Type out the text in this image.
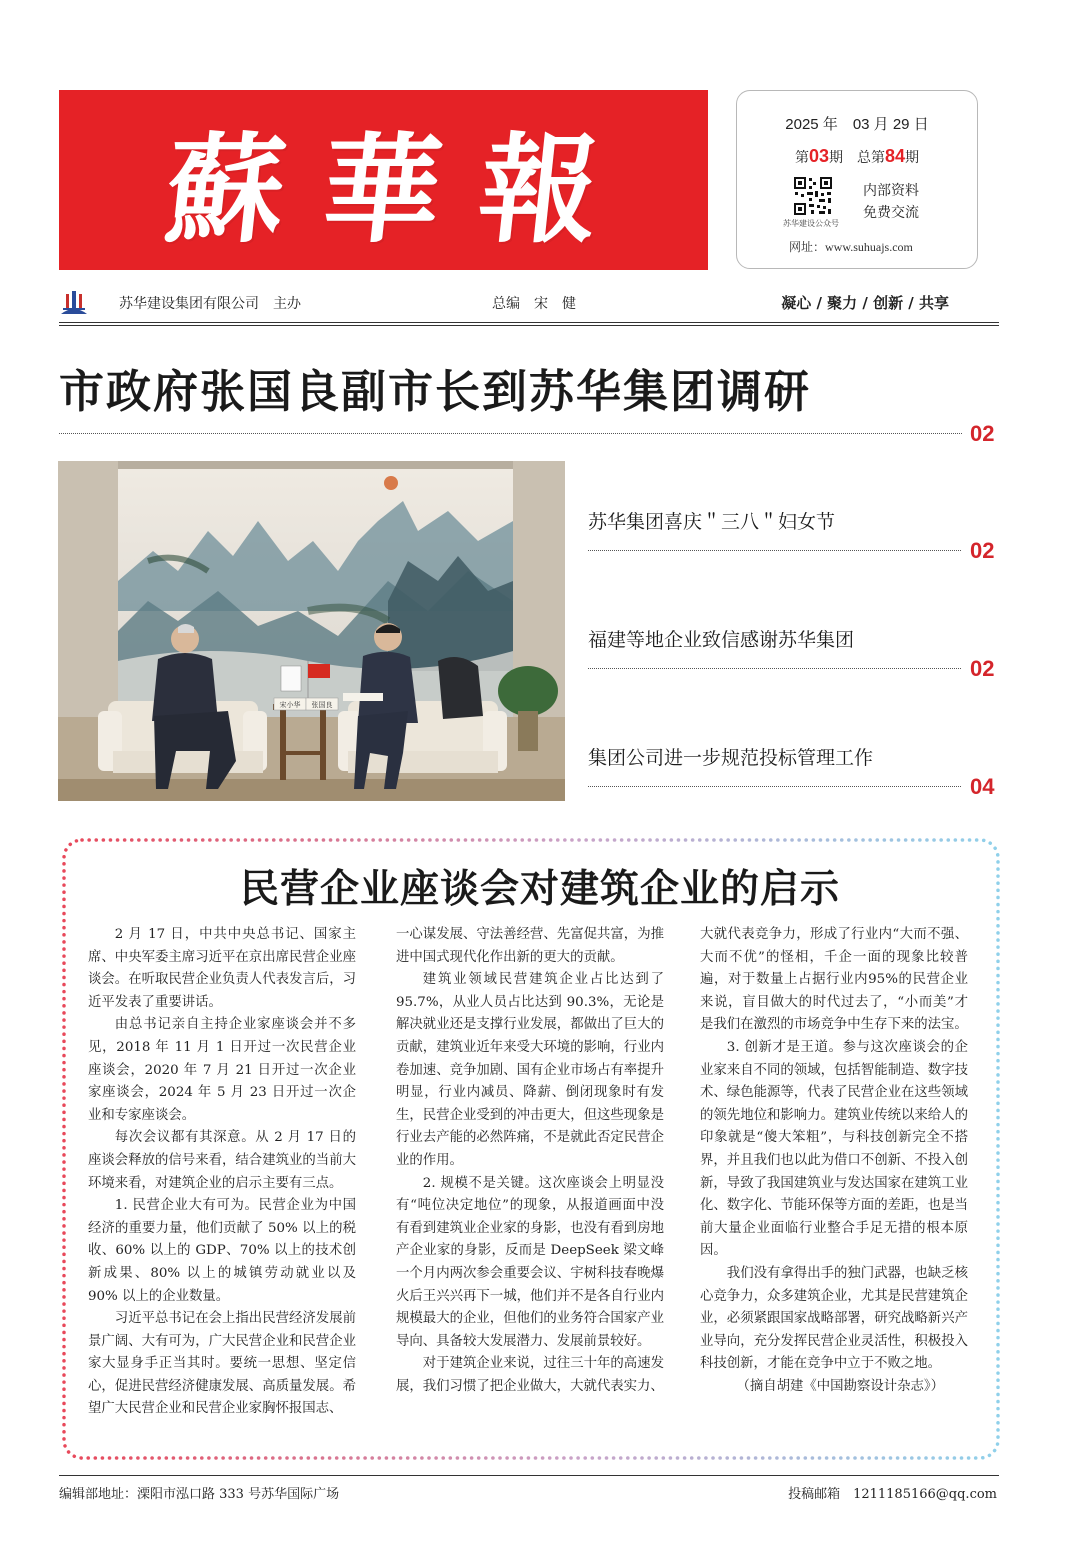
蘇 華 報	2025 年　03 月 29 日
第03期　总第84期
苏华建设公众号
内部资料
免费交流
网址：www.suhuajs.com
苏华建设集团有限公司　主办	总编　宋　健	凝心 / 聚力 / 创新 / 共享
市政府张国良副市长到苏华集团调研
02
宋小华 张国良
苏华集团喜庆＂三八＂妇女节
02
福建等地企业致信感谢苏华集团
02
集团公司进一步规范投标管理工作
04
民营企业座谈会对建筑企业的启示

2 月 17 日，中共中央总书记、国家主席、中央军委主席习近平在京出席民营企业座谈会。在听取民营企业负责人代表发言后，习近平发表了重要讲话。

由总书记亲自主持企业家座谈会并不多见，2018 年 11 月 1 日开过一次民营企业座谈会，2020 年 7 月 21 日开过一次企业家座谈会，2024 年 5 月 23 日开过一次企业和专家座谈会。

每次会议都有其深意。从 2 月 17 日的座谈会释放的信号来看，结合建筑业的当前大环境来看，对建筑企业的启示主要有三点。

1. 民营企业大有可为。民营企业为中国经济的重要力量，他们贡献了 50% 以上的税收、60% 以上的 GDP、70% 以上的技术创新成果、80% 以上的城镇劳动就业以及 90% 以上的企业数量。

习近平总书记在会上指出民营经济发展前景广阔、大有可为，广大民营企业和民营企业家大显身手正当其时。要统一思想、坚定信心，促进民营经济健康发展、高质量发展。希望广大民营企业和民营企业家胸怀报国志、

一心谋发展、守法善经营、先富促共富，为推进中国式现代化作出新的更大的贡献。

建筑业领域民营建筑企业占比达到了 95.7%，从业人员占比达到 90.3%，无论是解决就业还是支撑行业发展，都做出了巨大的贡献，建筑业近年来受大环境的影响，行业内卷加速、竞争加剧、国有企业市场占有率提升明显，行业内减员、降薪、倒闭现象时有发生，民营企业受到的冲击更大，但这些现象是行业去产能的必然阵痛，不是就此否定民营企业的作用。

2. 规模不是关键。这次座谈会上明显没有“吨位决定地位”的现象，从报道画面中没有看到建筑业企业家的身影，也没有看到房地产企业家的身影，反而是 DeepSeek 梁文峰一个月内两次参会重要会议、宇树科技春晚爆火后王兴兴再下一城，他们并不是各自行业内规模最大的企业，但他们的业务符合国家产业导向、具备较大发展潜力、发展前景较好。

对于建筑企业来说，过往三十年的高速发展，我们习惯了把企业做大，大就代表实力、

大就代表竞争力，形成了行业内“大而不强、大而不优”的怪相，千企一面的现象比较普遍，对于数量上占据行业内95%的民营企业来说，盲目做大的时代过去了，“小而美”才是我们在激烈的市场竞争中生存下来的法宝。

3. 创新才是王道。参与这次座谈会的企业家来自不同的领域，包括智能制造、数字技术、绿色能源等，代表了民营企业在这些领域的领先地位和影响力。建筑业传统以来给人的印象就是“傻大笨粗”，与科技创新完全不搭界，并且我们也以此为借口不创新、不投入创新，导致了我国建筑业与发达国家在建筑工业化、数字化、节能环保等方面的差距，也是当前大量企业面临行业整合手足无措的根本原因。

我们没有拿得出手的独门武器，也缺乏核心竞争力，众多建筑企业，尤其是民营建筑企业，必须紧跟国家战略部署，研究战略新兴产业导向，充分发挥民营企业灵活性，积极投入科技创新，才能在竞争中立于不败之地。

（摘自胡建《中国勘察设计杂志》）

编辑部地址：溧阳市泓口路 333 号苏华国际广场	投稿邮箱　1211185166@qq.com
